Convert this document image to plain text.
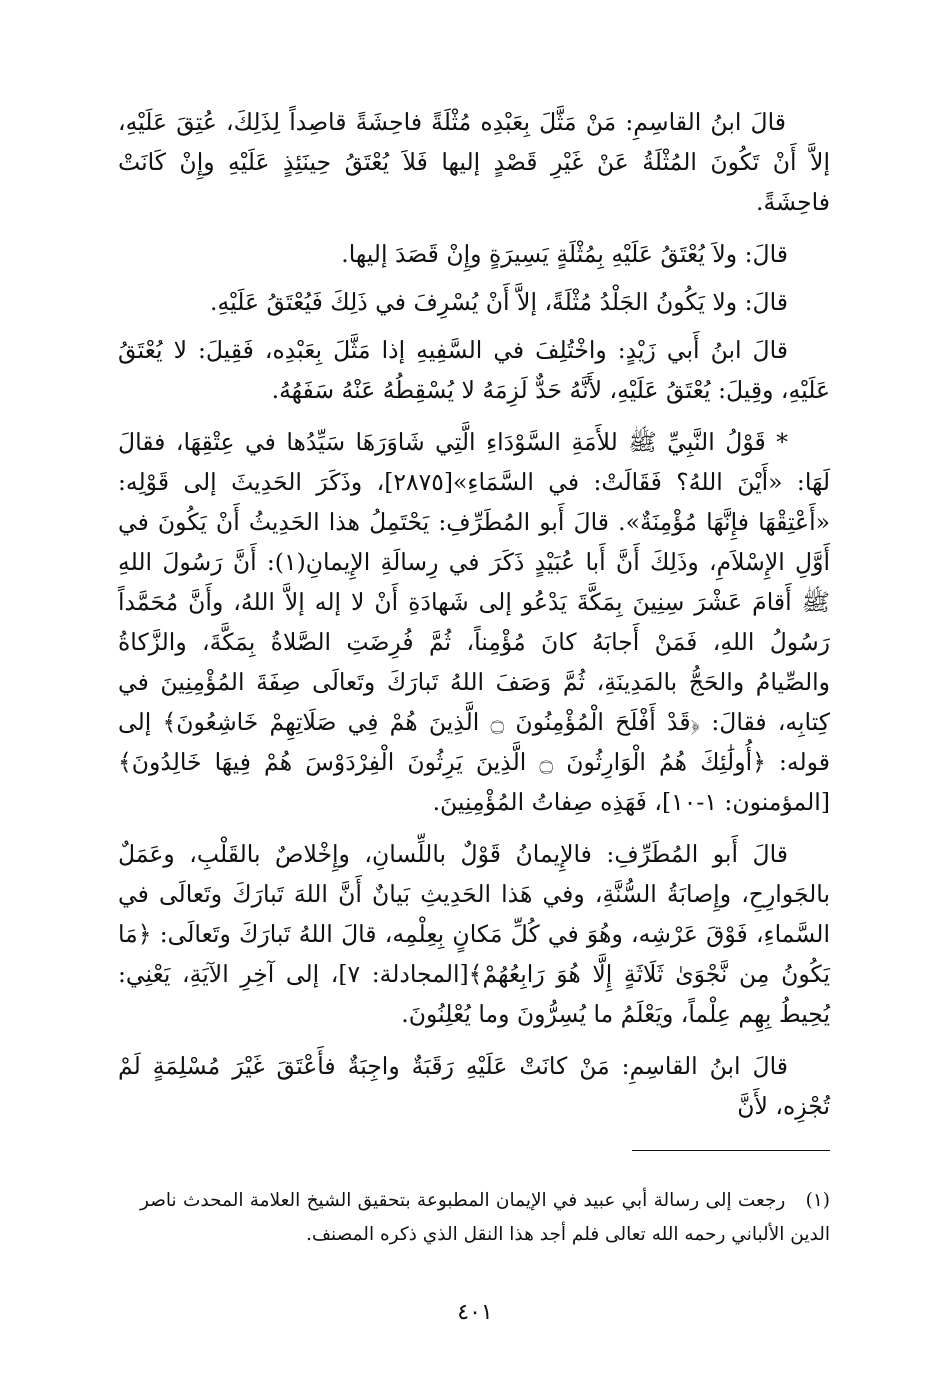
قالَ ابنُ القاسِمِ: مَنْ مَثَّلَ بِعَبْدِه مُثْلَةً فاحِشَةً قاصِداً لِذَلِكَ، عُتِقَ عَلَيْهِ، إلاَّ أَنْ تَكُونَ المُثْلَةُ عَنْ غَيْرِ قَصْدٍ إليها فَلاَ يُعْتَقُ حِينَئِذٍ عَلَيْهِ وإِنْ كَانَتْ فاحِشَةً.

قالَ: ولاَ يُعْتَقُ عَلَيْهِ بِمُثْلَةٍ يَسِيرَةٍ وإِنْ قَصَدَ إليها.

قالَ: ولا يَكُونُ الجَلْدُ مُثْلَةً، إلاَّ أَنْ يُسْرِفَ في ذَلِكَ فَيُعْتَقُ عَلَيْهِ.

قالَ ابنُ أَبي زَيْدٍ: واخْتُلِفَ في السَّفِيهِ إذا مَثَّلَ بِعَبْدِه، فَقِيلَ: لا يُعْتَقُ عَلَيْهِ، وقِيلَ: يُعْتَقُ عَلَيْهِ، لأَنَّهُ حَدٌّ لَزِمَهُ لا يُسْقِطُهُ عَنْهُ سَفَهُهُ.

* قَوْلُ النَّبِيِّ ﷺ للأَمَةِ السَّوْدَاءِ الَّتِي شَاوَرَهَا سَيِّدُها في عِتْقِهَا، فقالَ لَهَا: «أَيْنَ اللهُ؟ فَقَالَتْ: في السَّمَاءِ»[٢٨٧٥]، وذَكَرَ الحَدِيثَ إلى قَوْلِه: «أَعْتِقْهَا فإِنَّهَا مُؤْمِنَةٌ». قالَ أَبو المُطَرِّفِ: يَحْتَمِلُ هذا الحَدِيثُ أَنْ يَكُونَ في أَوَّلِ الإِسْلاَمِ، وذَلِكَ أَنَّ أَبا عُبَيْدٍ ذَكَرَ في رِسالَةِ الإِيمانِ(١): أَنَّ رَسُولَ اللهِ ﷺ أَقامَ عَشْرَ سِنِينَ بِمَكَّةَ يَدْعُو إلى شَهادَةِ أَنْ لا إله إلاَّ اللهُ، وأَنَّ مُحَمَّداً رَسُولُ اللهِ، فَمَنْ أَجابَهُ كانَ مُؤْمِناً، ثُمَّ فُرِضَتِ الصَّلاةُ بِمَكَّةَ، والزَّكاةُ والصِّيامُ والحَجُّ بالمَدِينَةِ، ثُمَّ وَصَفَ اللهُ تَبارَكَ وتَعالَى صِفَةَ المُؤْمِنِينَ في كِتابِه، فقالَ: ﴿قَدْ أَفْلَحَ الْمُؤْمِنُونَ ۝ الَّذِينَ هُمْ فِي صَلَاتِهِمْ خَاشِعُونَ﴾ إلى قوله: ﴿أُولَٰئِكَ هُمُ الْوَارِثُونَ ۝ الَّذِينَ يَرِثُونَ الْفِرْدَوْسَ هُمْ فِيهَا خَالِدُونَ﴾[المؤمنون: ١-١٠]، فَهَذِه صِفاتُ المُؤْمِنِينَ.

قالَ أَبو المُطَرِّفِ: فالإِيمانُ قَوْلٌ باللِّسانِ، وإِخْلاصٌ بالقَلْبِ، وعَمَلٌ بالجَوارِحِ، وإِصابَةُ السُّنَّةِ، وفي هَذا الحَدِيثِ بَيانٌ أَنَّ اللهَ تَبارَكَ وتَعالَى في السَّماءِ، فَوْقَ عَرْشِه، وهُوَ في كُلِّ مَكانٍ بِعِلْمِه، قالَ اللهُ تَبارَكَ وتَعالَى: ﴿مَا يَكُونُ مِن نَّجْوَىٰ ثَلَاثَةٍ إِلَّا هُوَ رَابِعُهُمْ﴾[المجادلة: ٧]، إلى آخِرِ الآيَةِ، يَعْنِي: يُحِيطُ بِهِم عِلْماً، ويَعْلَمُ ما يُسِرُّونَ وما يُعْلِنُونَ.

قالَ ابنُ القاسِمِ: مَنْ كانَتْ عَلَيْهِ رَقَبَةٌ واجِبَةٌ فأَعْتَقَ غَيْرَ مُسْلِمَةٍ لَمْ تُجْزِه، لأَنَّ

(١) رجعت إلى رسالة أبي عبيد في الإيمان المطبوعة بتحقيق الشيخ العلامة المحدث ناصر الدين الألباني رحمه الله تعالى فلم أجد هذا النقل الذي ذكره المصنف.
٤٠١
